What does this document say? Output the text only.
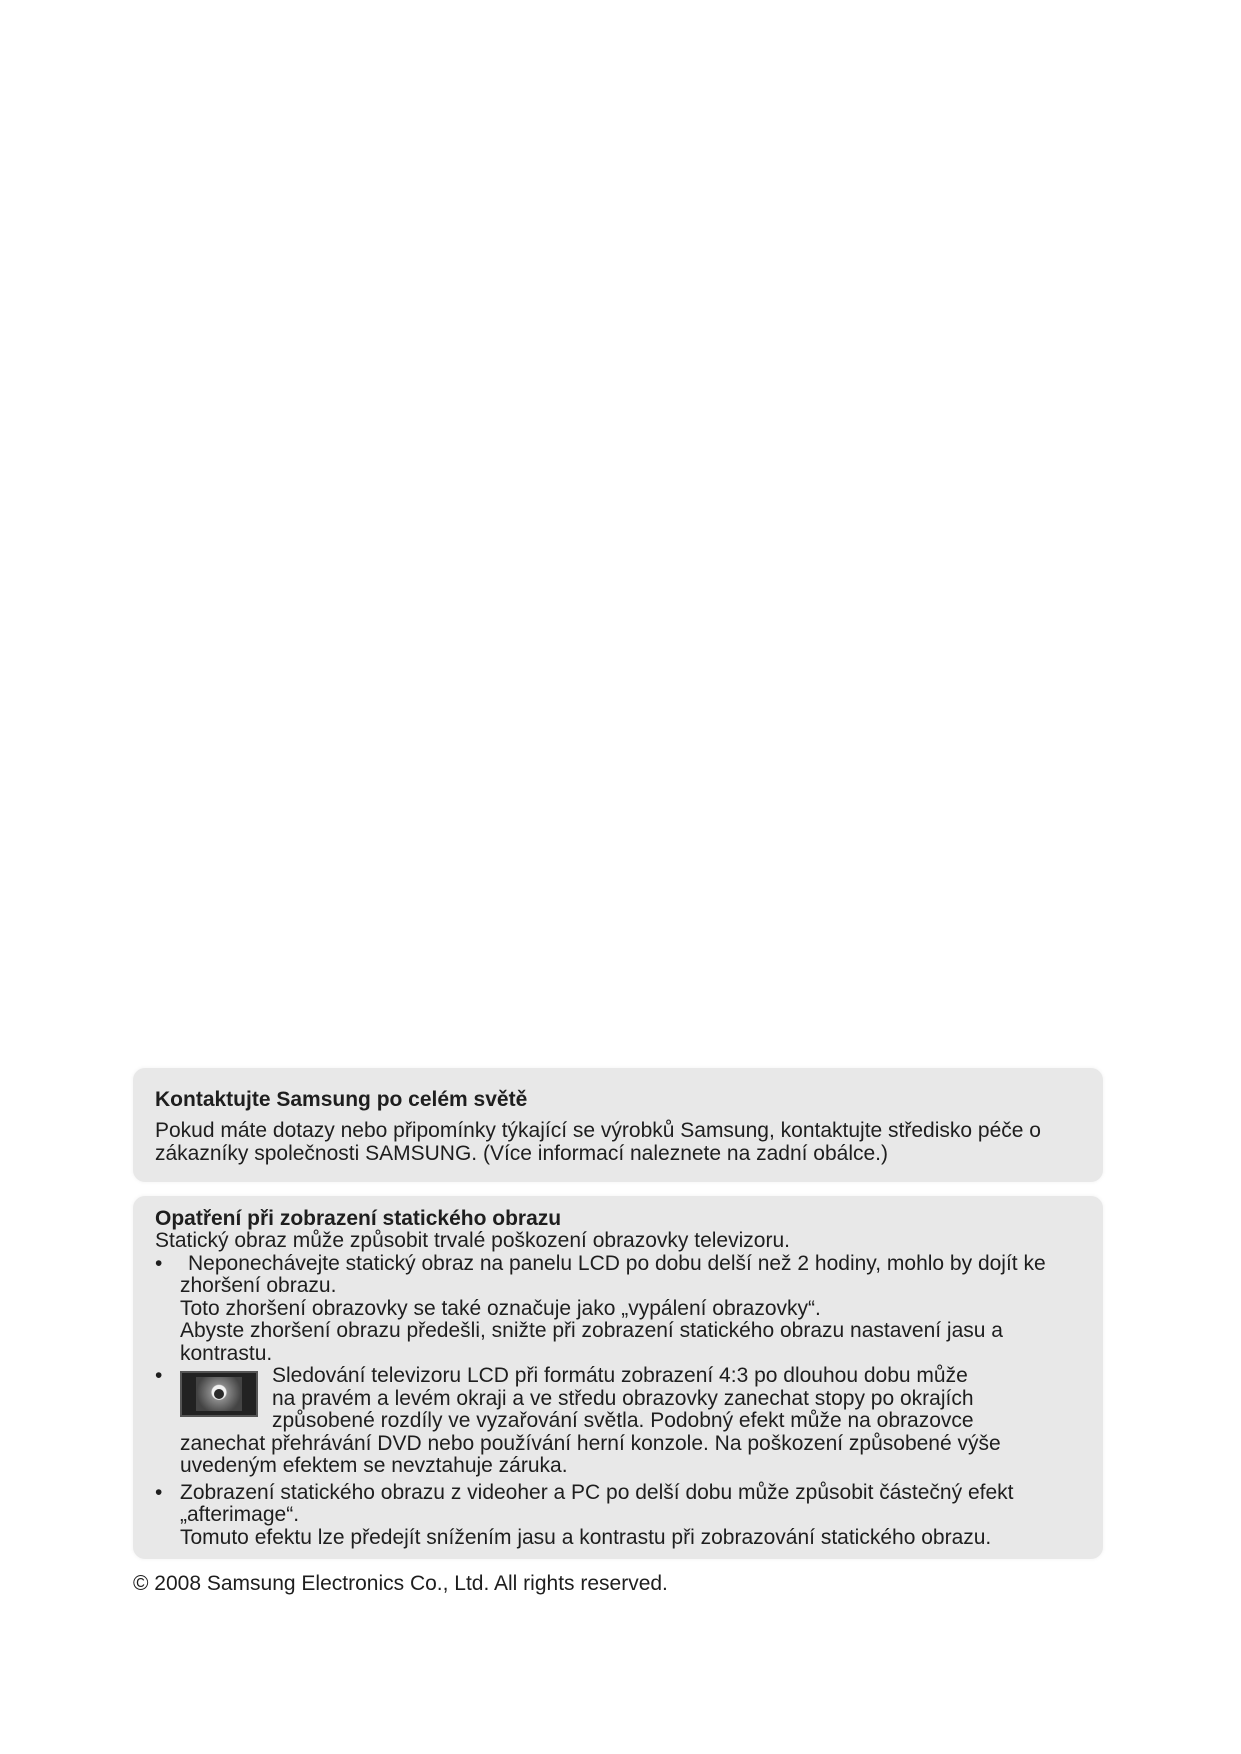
Kontaktujte Samsung po celém světě

Pokud máte dotazy nebo připomínky týkající se výrobků Samsung, kontaktujte středisko péče o

zákazníky společnosti SAMSUNG. (Více informací naleznete na zadní obálce.)

Opatření při zobrazení statického obrazu

Statický obraz může způsobit trvalé poškození obrazovky televizoru.

•	Neponechávejte statický obraz na panelu LCD po dobu delší než 2 hodiny, mohlo by dojít ke

zhoršení obrazu.

Toto zhoršení obrazovky se také označuje jako „vypálení obrazovky“.

Abyste zhoršení obrazu předešli, snižte při zobrazení statického obrazu nastavení jasu a

kontrastu.

•	Sledování televizoru LCD při formátu zobrazení 4:3 po dlouhou dobu může

na pravém a levém okraji a ve středu obrazovky zanechat stopy po okrajích

způsobené rozdíly ve vyzařování světla. Podobný efekt může na obrazovce

zanechat přehrávání DVD nebo používání herní konzole. Na poškození způsobené výše

uvedeným efektem se nevztahuje záruka.

• Zobrazení statického obrazu z videoher a PC po delší dobu může způsobit částečný efekt

„afterimage“.

Tomuto efektu lze předejít snížením jasu a kontrastu při zobrazování statického obrazu.

© 2008 Samsung Electronics Co., Ltd. All rights reserved.
